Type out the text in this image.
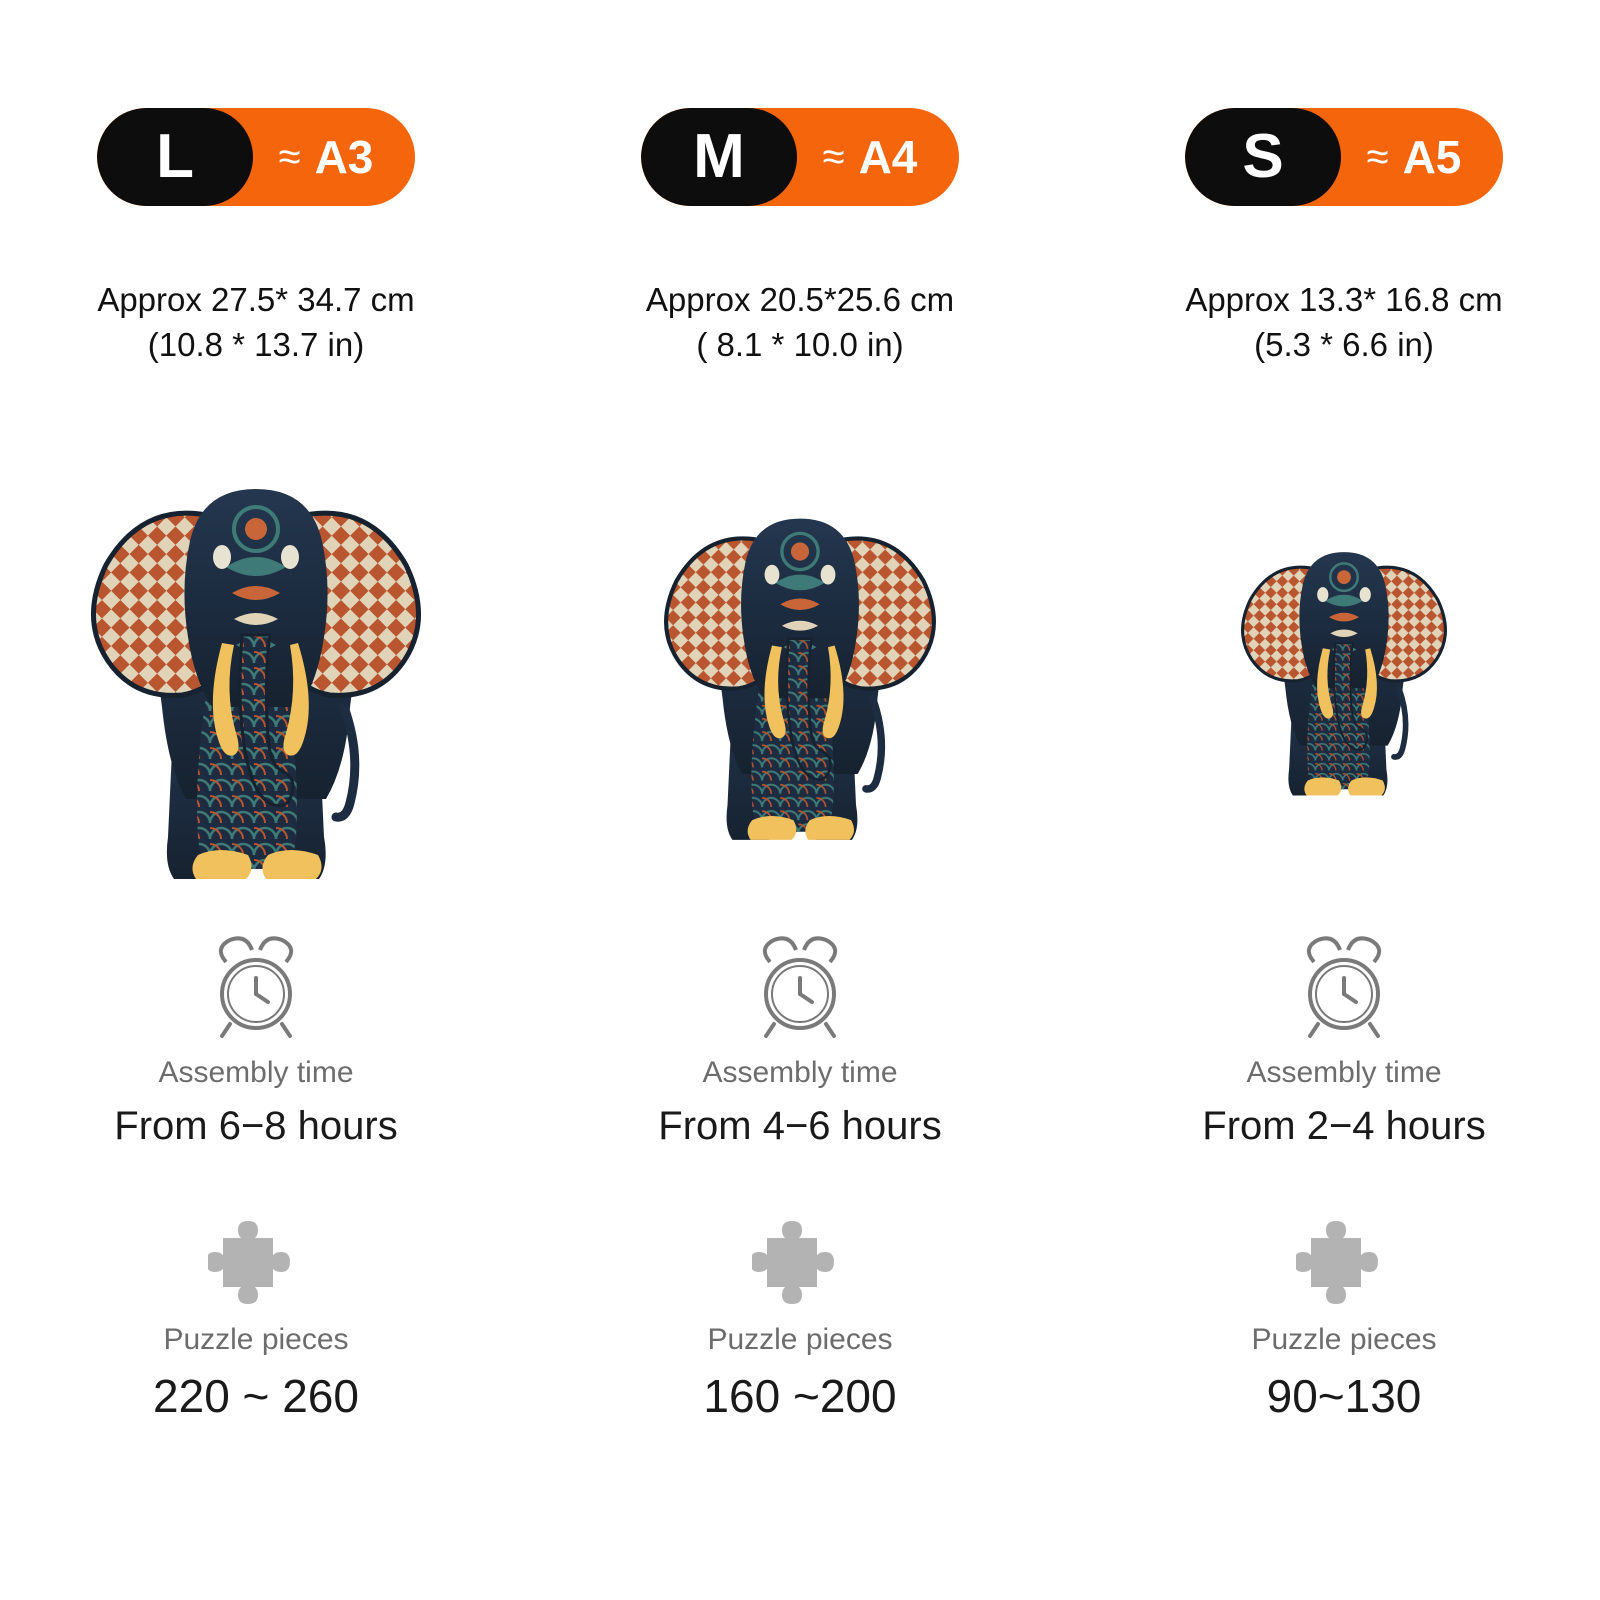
L ≈ A3
Approx 27.5* 34.7 cm
(10.8 * 13.7 in)
Assembly time
From 6−8 hours
Puzzle pieces
220 ~ 260
M ≈ A4
Approx 20.5*25.6 cm
( 8.1 * 10.0 in)
Assembly time
From 4−6 hours
Puzzle pieces
160 ~200
S ≈ A5
Approx 13.3* 16.8 cm
(5.3 * 6.6 in)
Assembly time
From 2−4 hours
Puzzle pieces
90~130
